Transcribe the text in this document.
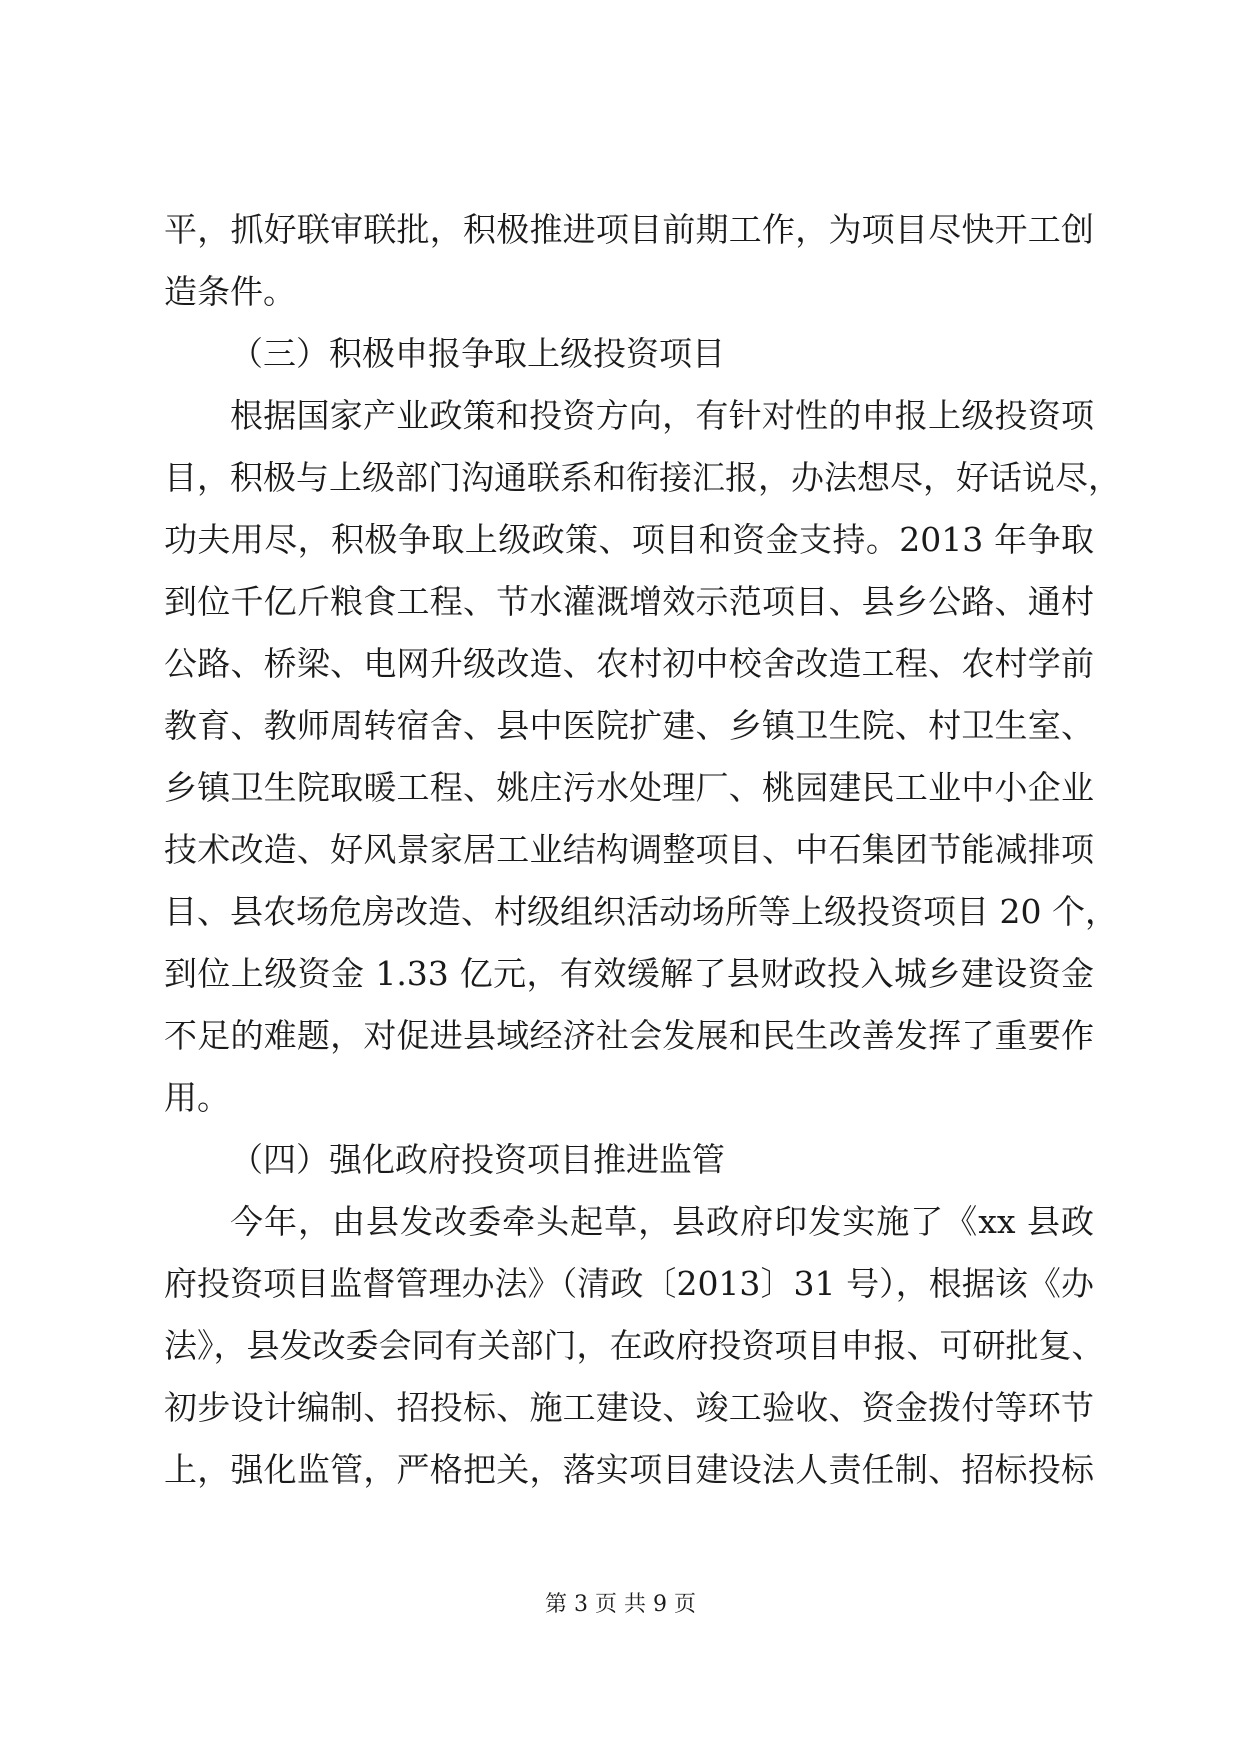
平，抓好联审联批，积极推进项目前期工作，为项目尽快开工创
造条件。
（三）积极申报争取上级投资项目
根据国家产业政策和投资方向，有针对性的申报上级投资项
目，积极与上级部门沟通联系和衔接汇报，办法想尽，好话说尽，
功夫用尽，积极争取上级政策、项目和资金支持。2013 年争取
到位千亿斤粮食工程、节水灌溉增效示范项目、县乡公路、通村
公路、桥梁、电网升级改造、农村初中校舍改造工程、农村学前
教育、教师周转宿舍、县中医院扩建、乡镇卫生院、村卫生室、
乡镇卫生院取暖工程、姚庄污水处理厂、桃园建民工业中小企业
技术改造、好风景家居工业结构调整项目、中石集团节能减排项
目、县农场危房改造、村级组织活动场所等上级投资项目 20 个，
到位上级资金 1.33 亿元，有效缓解了县财政投入城乡建设资金
不足的难题，对促进县域经济社会发展和民生改善发挥了重要作
用。
（四）强化政府投资项目推进监管
今年，由县发改委牵头起草，县政府印发实施了《xx 县政
府投资项目监督管理办法》（清政〔2013〕31 号），根据该《办
法》，县发改委会同有关部门，在政府投资项目申报、可研批复、
初步设计编制、招投标、施工建设、竣工验收、资金拨付等环节
上，强化监管，严格把关，落实项目建设法人责任制、招标投标
第 3 页 共 9 页
